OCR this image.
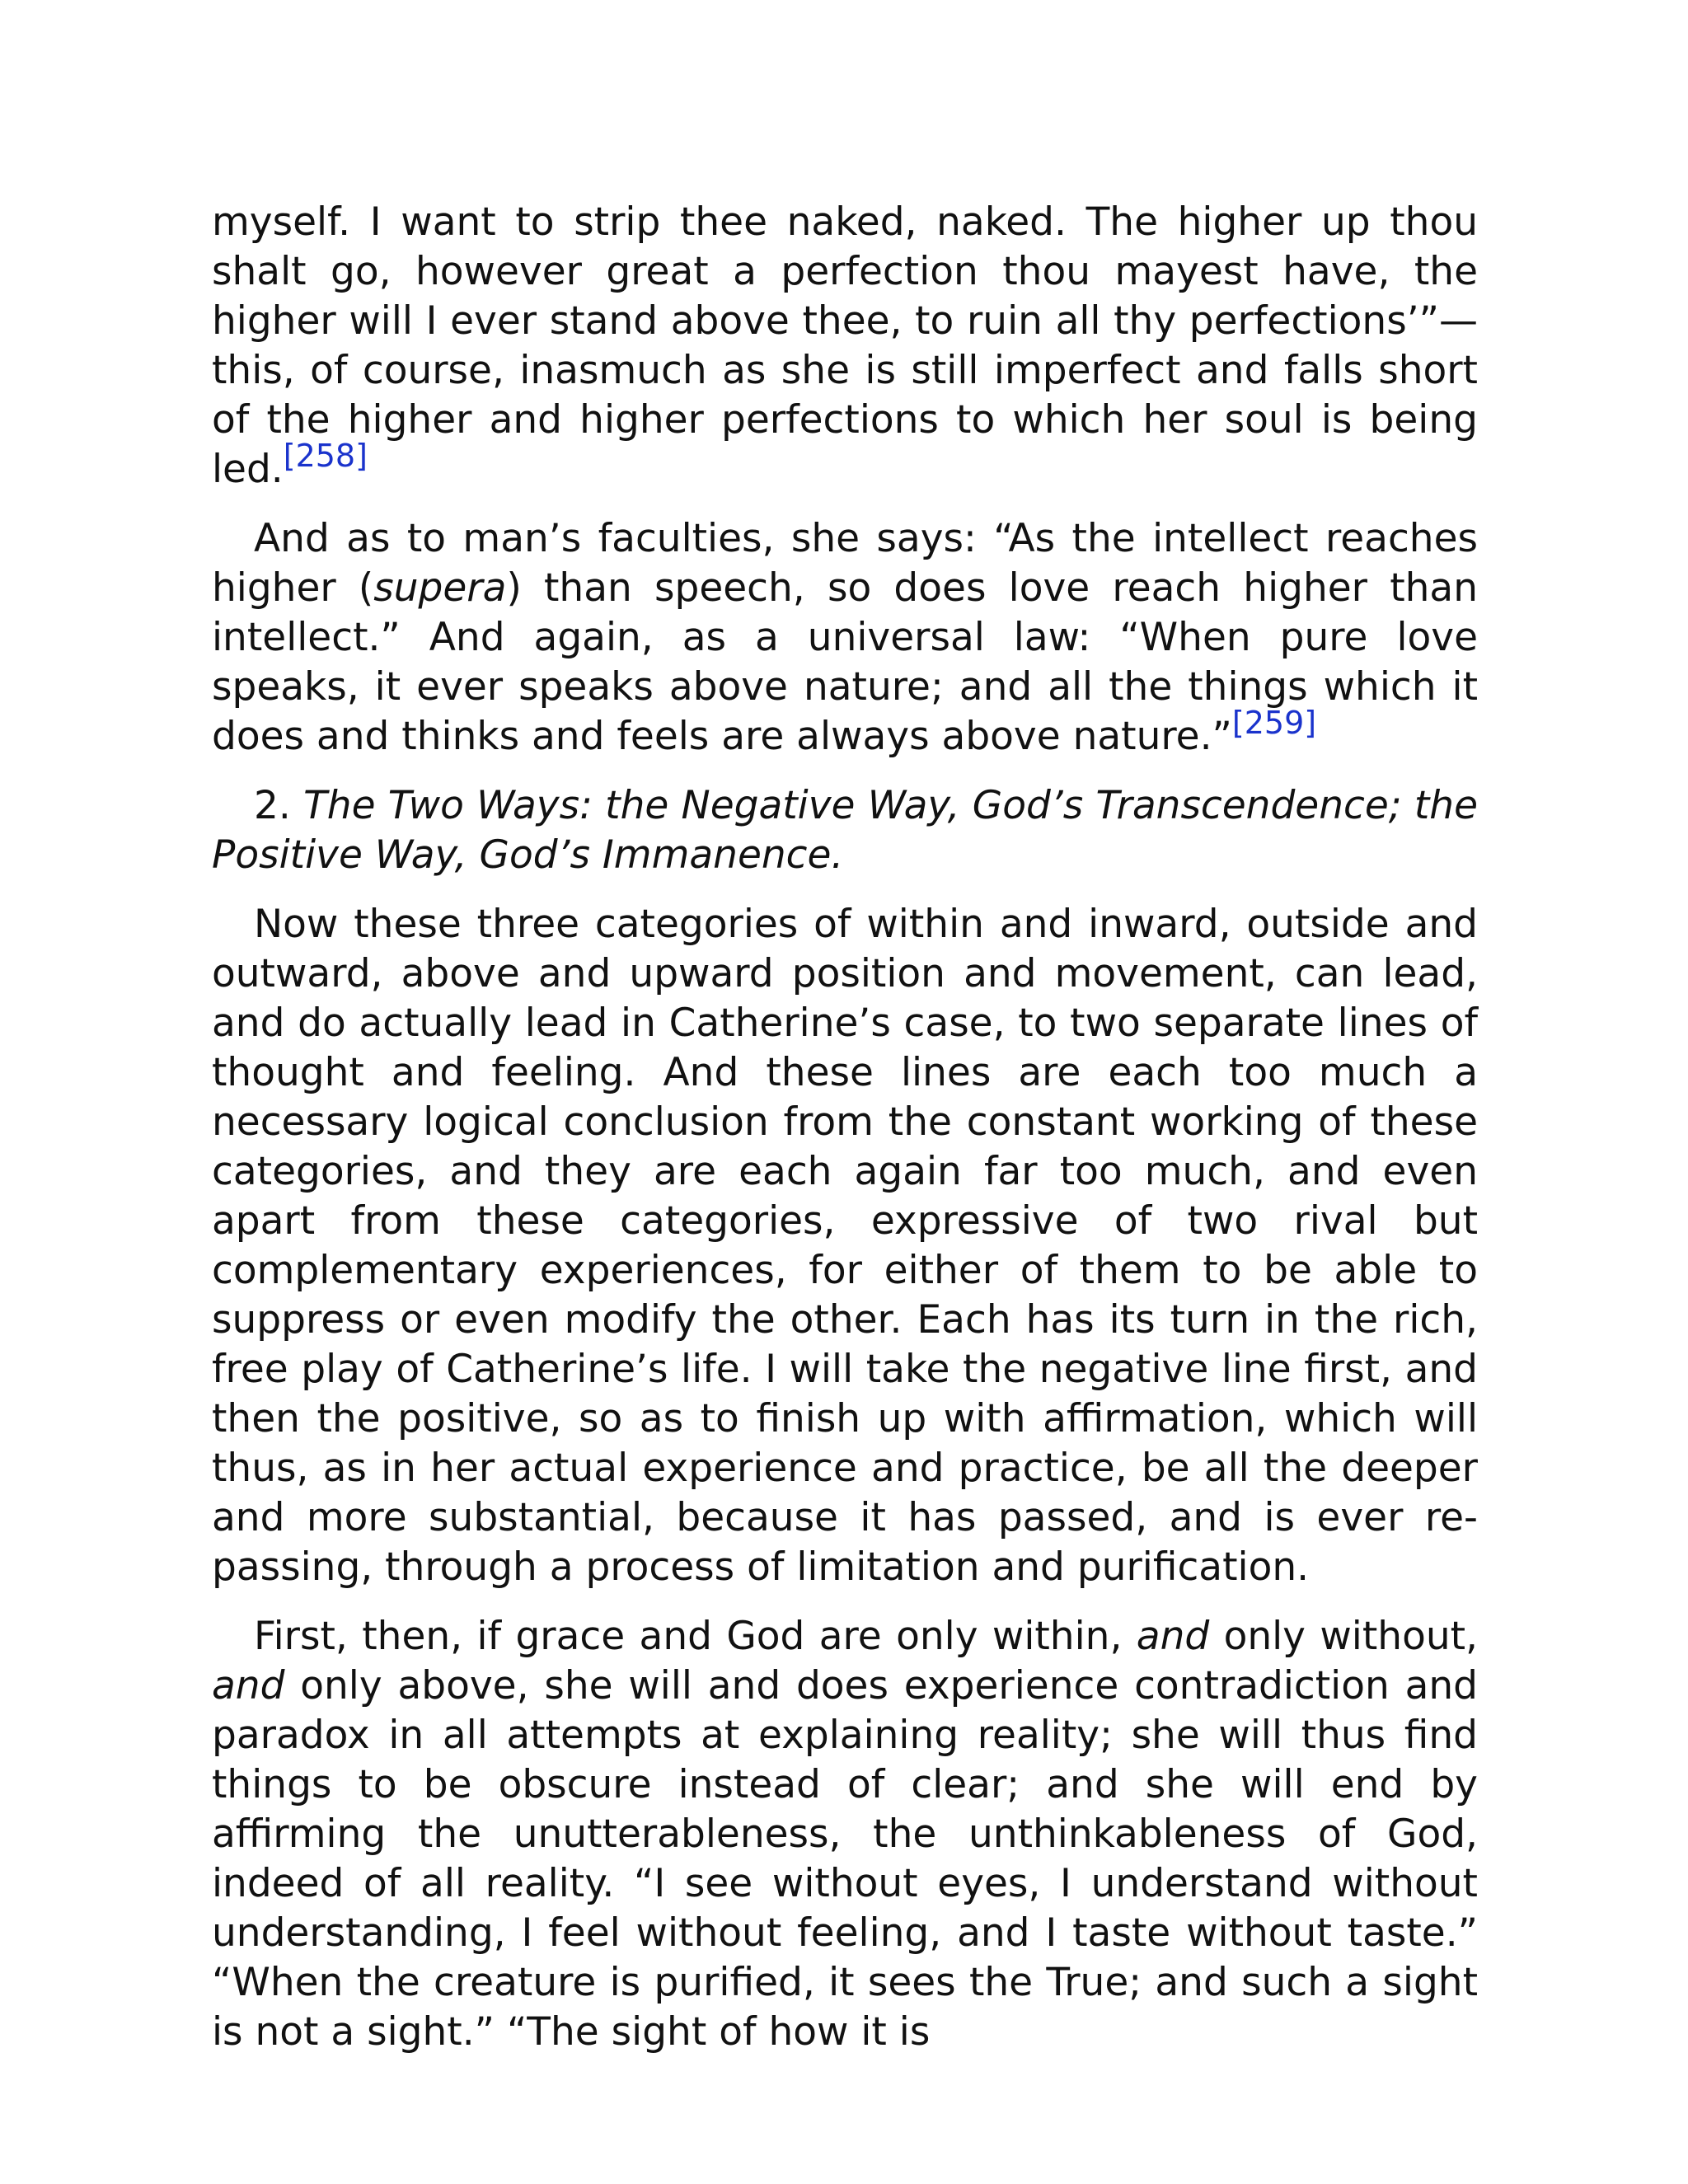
myself. I want to strip thee naked, naked. The higher up thou shalt go, however great a perfection thou mayest have, the higher will I ever stand above thee, to ruin all thy perfections’”—this, of course, inasmuch as she is still imperfect and falls short of the higher and higher perfections to which her soul is being led.[258]

And as to man’s faculties, she says: “As the intellect reaches higher (supera) than speech, so does love reach higher than intellect.” And again, as a universal law: “When pure love speaks, it ever speaks above nature; and all the things which it does and thinks and feels are always above nature.”[259]

2. The Two Ways: the Negative Way, God’s Transcendence; the Positive Way, God’s Immanence.

Now these three categories of within and inward, outside and outward, above and upward position and movement, can lead, and do actually lead in Catherine’s case, to two separate lines of thought and feeling. And these lines are each too much a necessary logical conclusion from the constant working of these categories, and they are each again far too much, and even apart from these categories, expressive of two rival but complementary experiences, for either of them to be able to suppress or even modify the other. Each has its turn in the rich, free play of Catherine’s life. I will take the negative line first, and then the positive, so as to finish up with affirmation, which will thus, as in her actual experience and practice, be all the deeper and more substantial, because it has passed, and is ever re-passing, through a process of limitation and purification.

First, then, if grace and God are only within, and only without, and only above, she will and does experience contradiction and paradox in all attempts at explaining reality; she will thus find things to be obscure instead of clear; and she will end by affirming the unutterableness, the unthinkableness of God, indeed of all reality. “I see without eyes, I understand without understanding, I feel without feeling, and I taste without taste.” “When the creature is purified, it sees the True; and such a sight is not a sight.” “The sight of how it is
